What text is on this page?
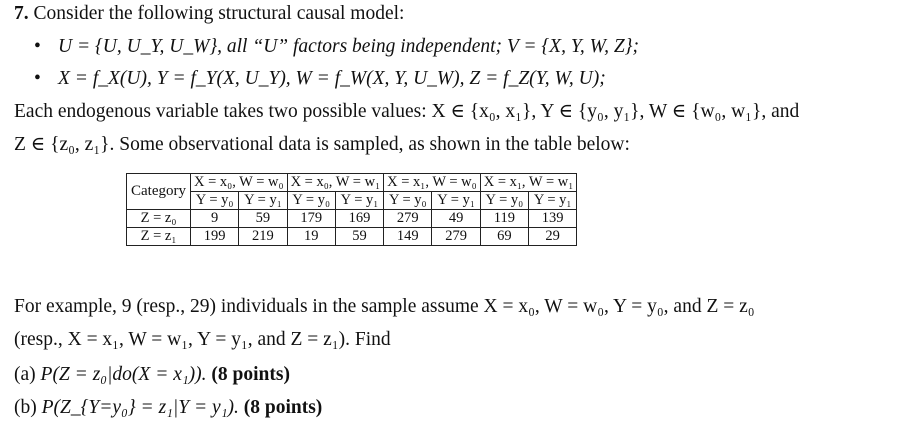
7. Consider the following structural causal model:
• U = {U, U_Y, U_W}, all “U” factors being independent; V = {X, Y, W, Z};
• X = f_X(U), Y = f_Y(X, U_Y), W = f_W(X, Y, U_W), Z = f_Z(Y, W, U);
Each endogenous variable takes two possible values: X ∈ {x₀, x₁}, Y ∈ {y₀, y₁}, W ∈ {w₀, w₁}, and
Z ∈ {z₀, z₁}. Some observational data is sampled, as shown in the table below:
Category	X = x₀, W = w₀		X = x₀, W = w₁		X = x₁, W = w₀		X = x₁, W = w₁	
	Y = y₀	Y = y₁	Y = y₀	Y = y₁	Y = y₀	Y = y₁	Y = y₀	Y = y₁
Z = z₀	9	59	179	169	279	49	119	139
Z = z₁	199	219	19	59	149	279	69	29
For example, 9 (resp., 29) individuals in the sample assume X = x₀, W = w₀, Y = y₀, and Z = z₀
(resp., X = x₁, W = w₁, Y = y₁, and Z = z₁). Find
(a) P(Z = z₀|do(X = x₁)). (8 points)
(b) P(Z_{Y=y₀} = z₁|Y = y₁). (8 points)
